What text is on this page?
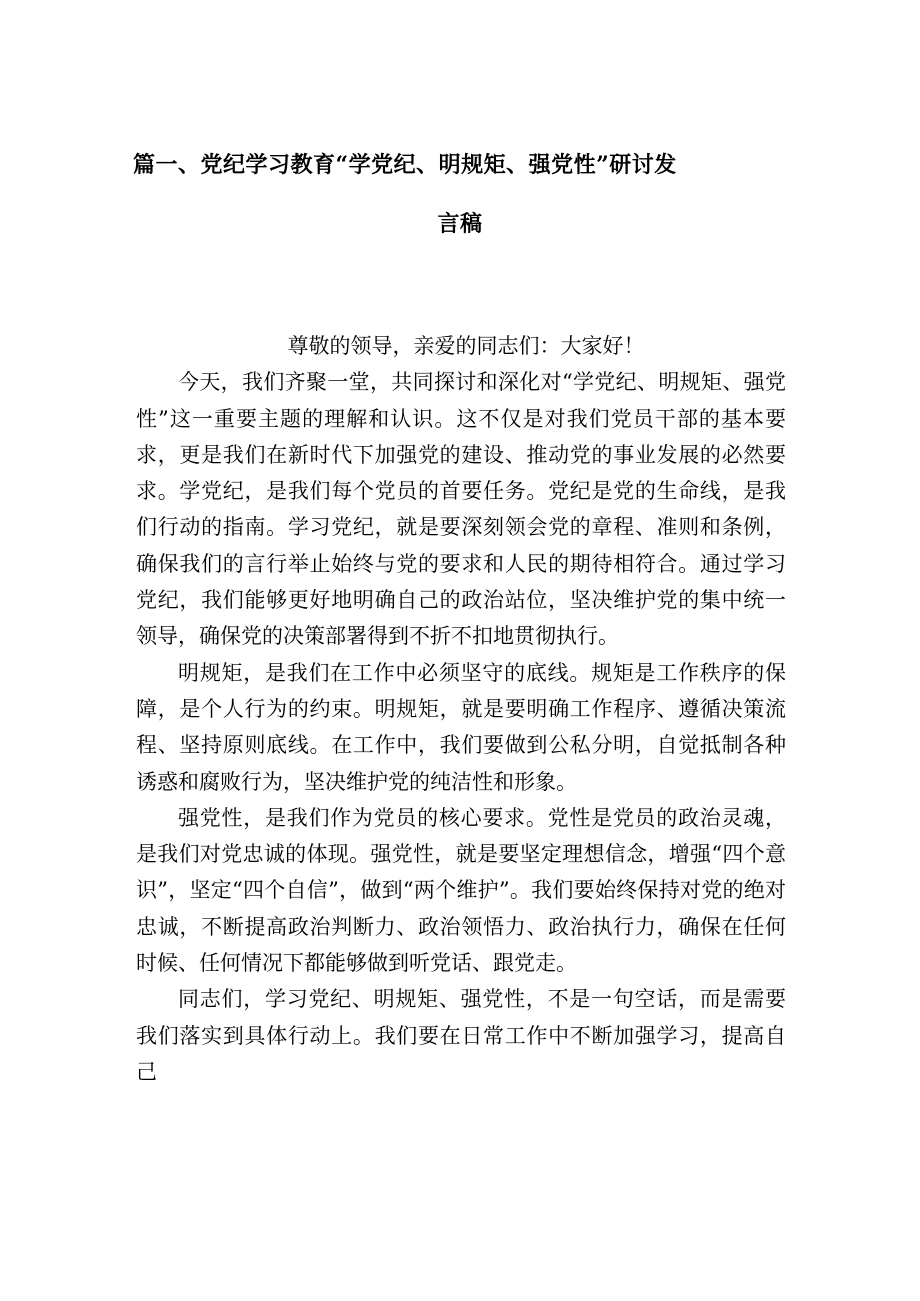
篇一、党纪学习教育“学党纪、明规矩、强党性”研讨发
言稿

尊敬的领导，亲爱的同志们：大家好！

今天，我们齐聚一堂，共同探讨和深化对“学党纪、明规矩、强党性”这一重要主题的理解和认识。这不仅是对我们党员干部的基本要求，更是我们在新时代下加强党的建设、推动党的事业发展的必然要求。学党纪，是我们每个党员的首要任务。党纪是党的生命线，是我们行动的指南。学习党纪，就是要深刻领会党的章程、准则和条例，确保我们的言行举止始终与党的要求和人民的期待相符合。通过学习党纪，我们能够更好地明确自己的政治站位，坚决维护党的集中统一领导，确保党的决策部署得到不折不扣地贯彻执行。

明规矩，是我们在工作中必须坚守的底线。规矩是工作秩序的保障，是个人行为的约束。明规矩，就是要明确工作程序、遵循决策流程、坚持原则底线。在工作中，我们要做到公私分明，自觉抵制各种诱惑和腐败行为，坚决维护党的纯洁性和形象。

强党性，是我们作为党员的核心要求。党性是党员的政治灵魂，是我们对党忠诚的体现。强党性，就是要坚定理想信念，增强“四个意识”，坚定“四个自信”，做到“两个维护”。我们要始终保持对党的绝对忠诚，不断提高政治判断力、政治领悟力、政治执行力，确保在任何时候、任何情况下都能够做到听党话、跟党走。

同志们，学习党纪、明规矩、强党性，不是一句空话，而是需要我们落实到具体行动上。我们要在日常工作中不断加强学习，提高自己
